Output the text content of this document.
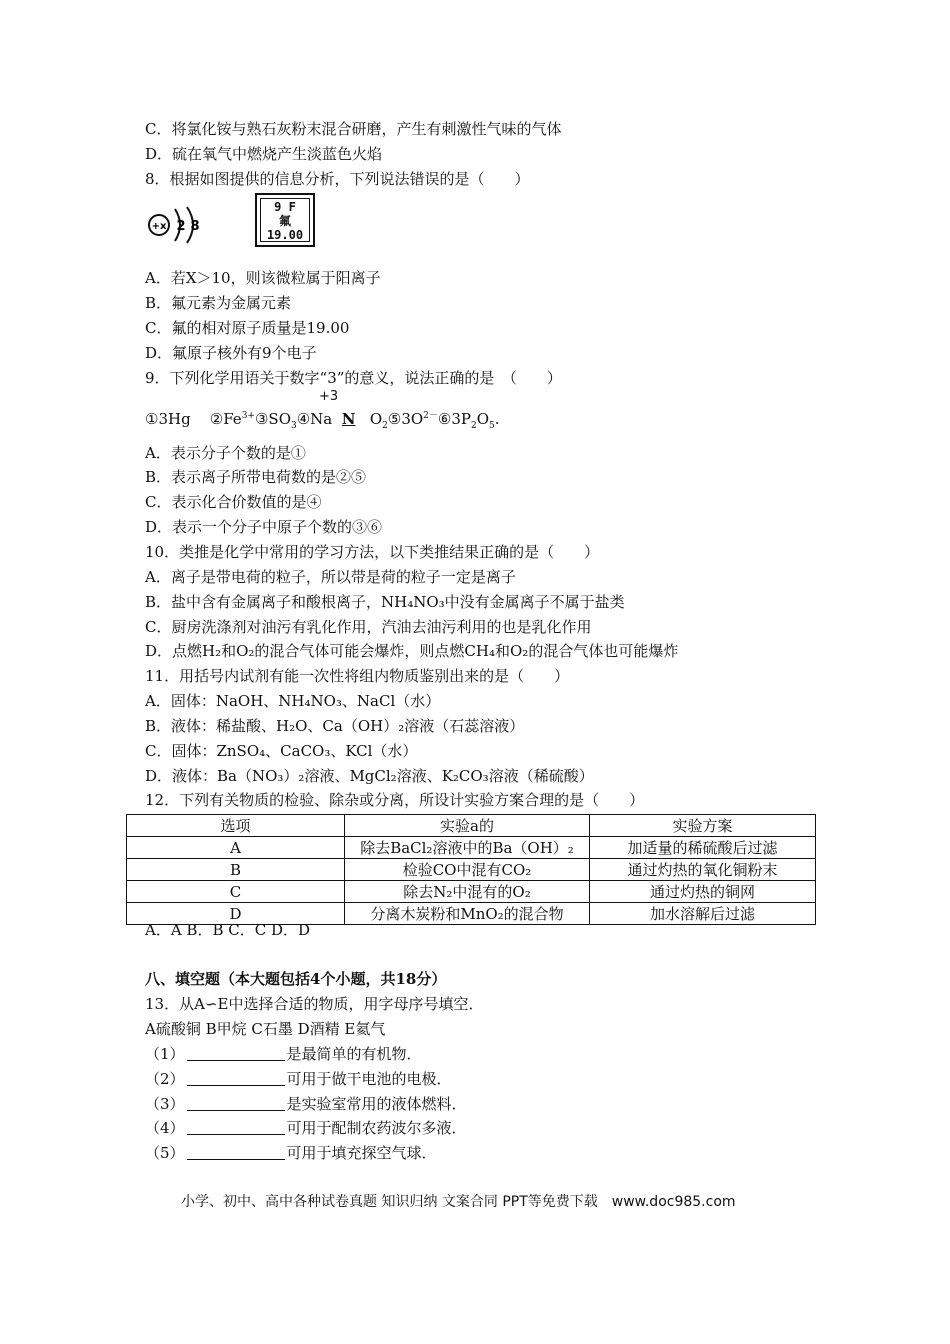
C．将氯化铵与熟石灰粉末混合研磨，产生有刺激性气味的气体
D．硫在氧气中燃烧产生淡蓝色火焰
8．根据如图提供的信息分析，下列说法错误的是（　　）
+x 2 8
9 F
氟
19.00
A．若X＞10，则该微粒属于阳离子
B．氟元素为金属元素
C．氟的相对原子质量是19.00
D．氟原子核外有9个电子
9．下列化学用语关于数字“3”的意义，说法正确的是　（　　）
+3
①3Hg $②Fe^{3+}③SO_3④Na$ N $O_2⑤3O^{2-}⑥3P_2O_5$.
A．表示分子个数的是①
B．表示离子所带电荷数的是②⑤
C．表示化合价数值的是④
D．表示一个分子中原子个数的③⑥
10．类推是化学中常用的学习方法，以下类推结果正确的是（　　）
A．离子是带电荷的粒子，所以带是荷的粒子一定是离子
B．盐中含有金属离子和酸根离子，NH₄NO₃中没有金属离子不属于盐类
C．厨房洗涤剂对油污有乳化作用，汽油去油污利用的也是乳化作用
D．点燃H₂和O₂的混合气体可能会爆炸，则点燃CH₄和O₂的混合气体也可能爆炸
11．用括号内试剂有能一次性将组内物质鉴别出来的是（　　）
A．固体：NaOH、NH₄NO₃、NaCl（水）
B．液体：稀盐酸、H₂O、Ca（OH）₂溶液（石蕊溶液）
C．固体：ZnSO₄、CaCO₃、KCl（水）
D．液体：Ba（NO₃）₂溶液、MgCl₂溶液、K₂CO₃溶液（稀硫酸）
12．下列有关物质的检验、除杂或分离，所设计实验方案合理的是（　　）
选项	实验a的	实验方案
A	除去BaCl₂溶液中的Ba（OH）₂	加适量的稀硫酸后过滤
B	检验CO中混有CO₂	通过灼热的氧化铜粉末
C	除去N₂中混有的O₂	通过灼热的铜网
D	分离木炭粉和MnO₂的混合物	加水溶解后过滤
A．A B．B C．C D．D
八、填空题（本大题包括4个小题，共18分）
13．从A∽E中选择合适的物质，用字母序号填空．
A硫酸铜 B甲烷 C石墨 D酒精 E氦气
（1）	是最简单的有机物．
（2）	可用于做干电池的电极．
（3）	是实验室常用的液体燃料．
（4）	可用于配制农药波尔多液．
（5）	可用于填充探空气球．
小学、初中、高中各种试卷真题 知识归纳 文案合同 PPT等免费下载　www.doc985.com
